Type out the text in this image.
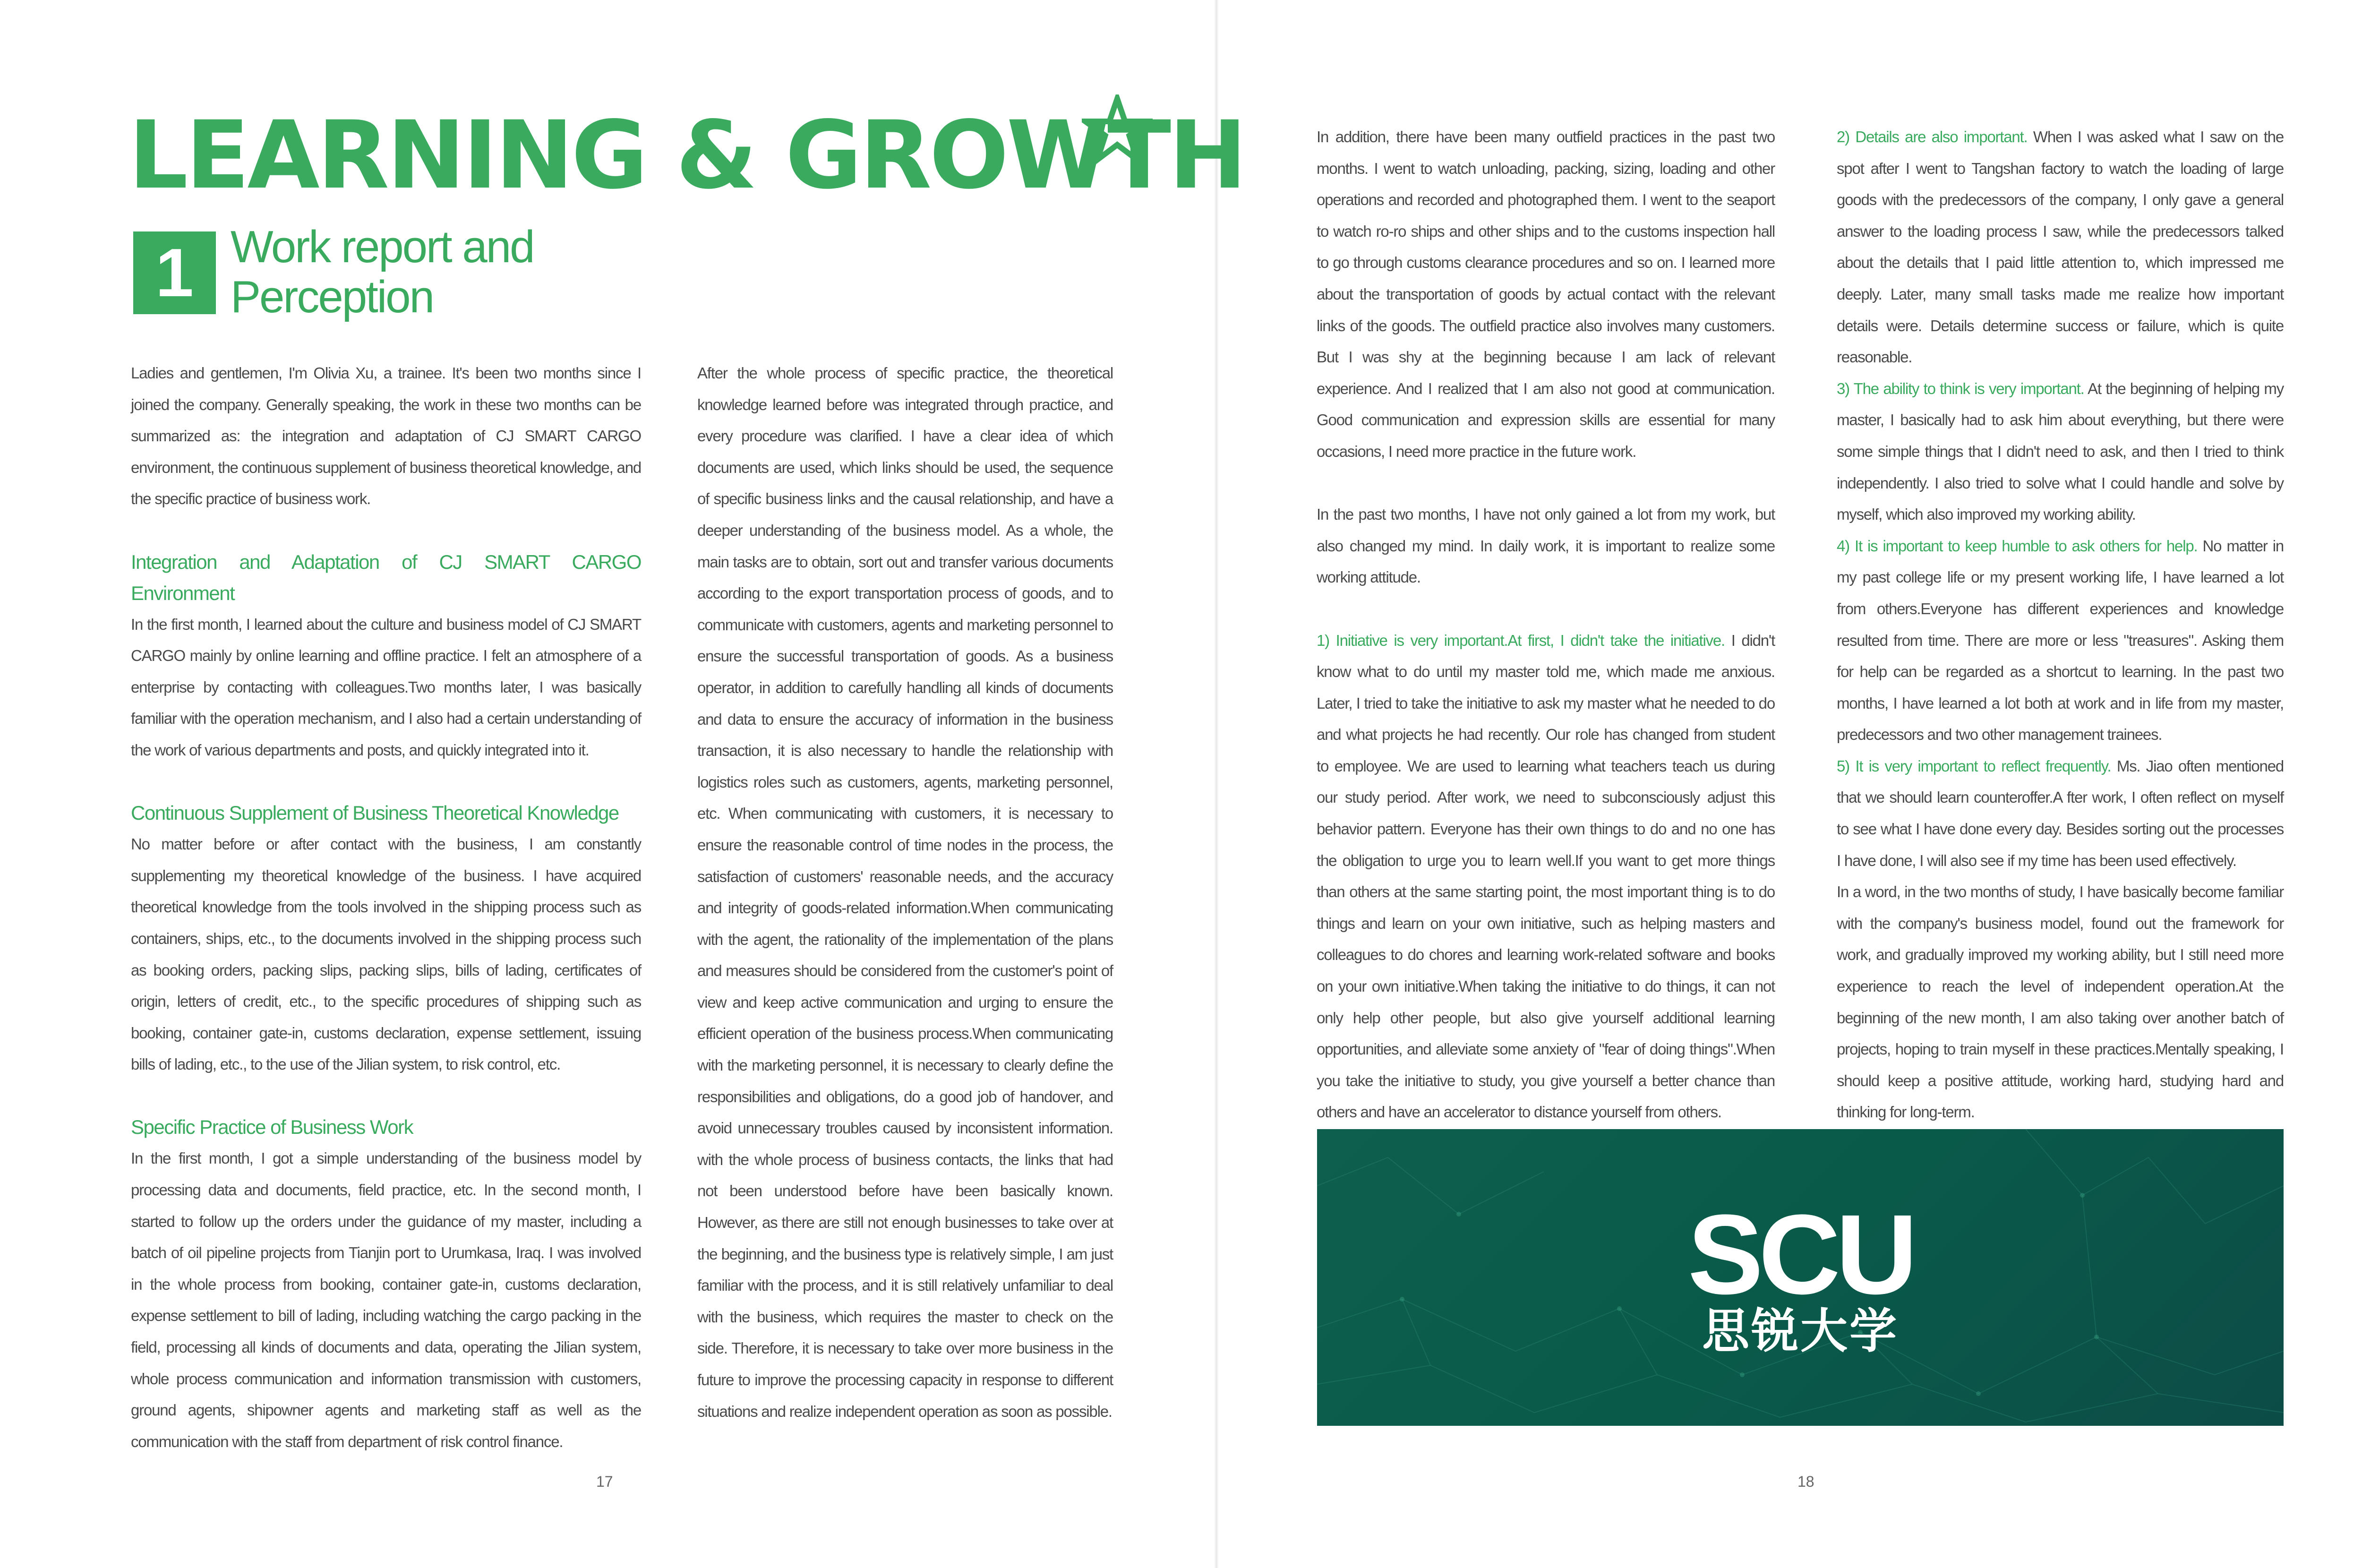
LEARNING & GROWTH
1 Work report and Perception

Ladies and gentlemen, I'm Olivia Xu, a trainee. It's been two months since I joined the company. Generally speaking, the work in these two months can be summarized as: the integration and adaptation of CJ SMART CARGO environment, the continuous supplement of business theoretical knowledge, and the specific practice of business work.

Integration and Adaptation of CJ SMART CARGO Environment

In the first month, I learned about the culture and business model of CJ SMART CARGO mainly by online learning and offline practice. I felt an atmosphere of a enterprise by contacting with colleagues.Two months later, I was basically familiar with the operation mechanism, and I also had a certain understanding of the work of various departments and posts, and quickly integrated into it.

Continuous Supplement of Business Theoretical Knowledge

No matter before or after contact with the business, I am constantly supplementing my theoretical knowledge of the business. I have acquired theoretical knowledge from the tools involved in the shipping process such as containers, ships, etc., to the documents involved in the shipping process such as booking orders, packing slips, packing slips, bills of lading, certificates of origin, letters of credit, etc., to the specific procedures of shipping such as booking, container gate-in, customs declaration, expense settlement, issuing bills of lading, etc., to the use of the Jilian system, to risk control, etc.

Specific Practice of Business Work

In the first month, I got a simple understanding of the business model by processing data and documents, field practice, etc. In the second month, I started to follow up the orders under the guidance of my master, including a batch of oil pipeline projects from Tianjin port to Urumkasa, Iraq. I was involved in the whole process from booking, container gate-in, customs declaration, expense settlement to bill of lading, including watching the cargo packing in the field, processing all kinds of documents and data, operating the Jilian system, whole process communication and information transmission with customers, ground agents, shipowner agents and marketing staff as well as the communication with the staff from department of risk control finance.

After the whole process of specific practice, the theoretical knowledge learned before was integrated through practice, and every procedure was clarified. I have a clear idea of which documents are used, which links should be used, the sequence of specific business links and the causal relationship, and have a deeper understanding of the business model. As a whole, the main tasks are to obtain, sort out and transfer various documents according to the export transportation process of goods, and to communicate with customers, agents and marketing personnel to ensure the successful transportation of goods. As a business operator, in addition to carefully handling all kinds of documents and data to ensure the accuracy of information in the business transaction, it is also necessary to handle the relationship with logistics roles such as customers, agents, marketing personnel, etc. When communicating with customers, it is necessary to ensure the reasonable control of time nodes in the process, the satisfaction of customers' reasonable needs, and the accuracy and integrity of goods-related information.When communicating with the agent, the rationality of the implementation of the plans and measures should be considered from the customer's point of view and keep active communication and urging to ensure the efficient operation of the business process.When communicating with the marketing personnel, it is necessary to clearly define the responsibilities and obligations, do a good job of handover, and avoid unnecessary troubles caused by inconsistent information. with the whole process of business contacts, the links that had not been understood before have been basically known. However, as there are still not enough businesses to take over at the beginning, and the business type is relatively simple, I am just familiar with the process, and it is still relatively unfamiliar to deal with the business, which requires the master to check on the side. Therefore, it is necessary to take over more business in the future to improve the processing capacity in response to different situations and realize independent operation as soon as possible.

17

In addition, there have been many outfield practices in the past two months. I went to watch unloading, packing, sizing, loading and other operations and recorded and photographed them. I went to the seaport to watch ro-ro ships and other ships and to the customs inspection hall to go through customs clearance procedures and so on. I learned more about the transportation of goods by actual contact with the relevant links of the goods. The outfield practice also involves many customers. But I was shy at the beginning because I am lack of relevant experience. And I realized that I am also not good at communication. Good communication and expression skills are essential for many occasions, I need more practice in the future work.

In the past two months, I have not only gained a lot from my work, but also changed my mind. In daily work, it is important to realize some working attitude.

1) Initiative is very important.At first, I didn't take the initiative. I didn't know what to do until my master told me, which made me anxious. Later, I tried to take the initiative to ask my master what he needed to do and what projects he had recently. Our role has changed from student to employee. We are used to learning what teachers teach us during our study period. After work, we need to subconsciously adjust this behavior pattern. Everyone has their own things to do and no one has the obligation to urge you to learn well.If you want to get more things than others at the same starting point, the most important thing is to do things and learn on your own initiative, such as helping masters and colleagues to do chores and learning work-related software and books on your own initiative.When taking the initiative to do things, it can not only help other people, but also give yourself additional learning opportunities, and alleviate some anxiety of "fear of doing things".When you take the initiative to study, you give yourself a better chance than others and have an accelerator to distance yourself from others.

2) Details are also important. When I was asked what I saw on the spot after I went to Tangshan factory to watch the loading of large goods with the predecessors of the company, I only gave a general answer to the loading process I saw, while the predecessors talked about the details that I paid little attention to, which impressed me deeply. Later, many small tasks made me realize how important details were. Details determine success or failure, which is quite reasonable.

3) The ability to think is very important. At the beginning of helping my master, I basically had to ask him about everything, but there were some simple things that I didn't need to ask, and then I tried to think independently. I also tried to solve what I could handle and solve by myself, which also improved my working ability.

4) It is important to keep humble to ask others for help. No matter in my past college life or my present working life, I have learned a lot from others.Everyone has different experiences and knowledge resulted from time. There are more or less "treasures". Asking them for help can be regarded as a shortcut to learning. In the past two months, I have learned a lot both at work and in life from my master, predecessors and two other management trainees.

5) It is very important to reflect frequently. Ms. Jiao often mentioned that we should learn counteroffer.A fter work, I often reflect on myself to see what I have done every day. Besides sorting out the processes I have done, I will also see if my time has been used effectively.

In a word, in the two months of study, I have basically become familiar with the company's business model, found out the framework for work, and gradually improved my working ability, but I still need more experience to reach the level of independent operation.At the beginning of the new month, I am also taking over another batch of projects, hoping to train myself in these practices.Mentally speaking, I should keep a positive attitude, working hard, studying hard and thinking for long-term.

SCU
思锐大学
18
